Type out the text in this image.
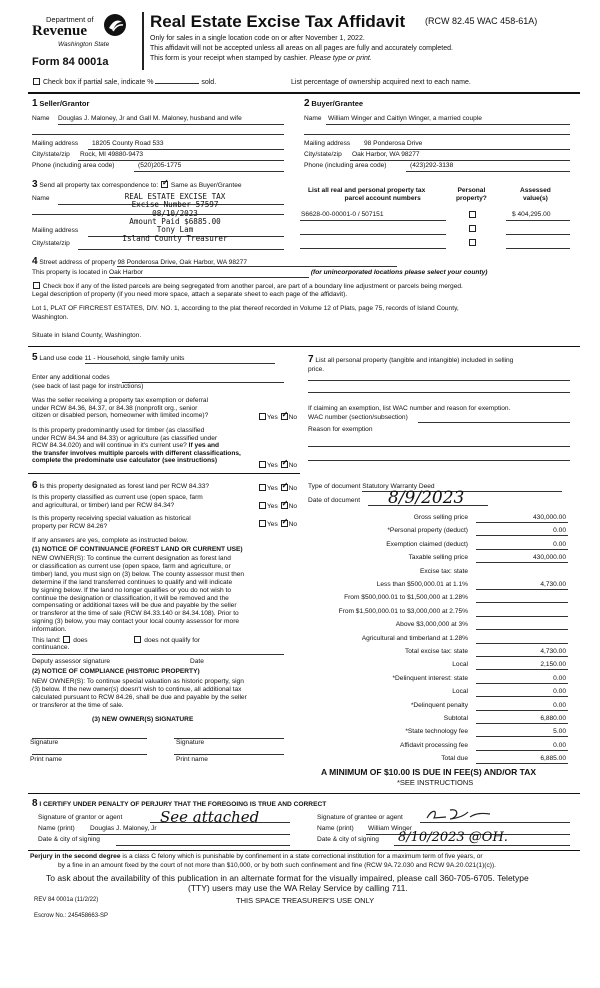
Department of
Revenue
Washington State
Form 84 0001a
Real Estate Excise Tax Affidavit (RCW 82.45 WAC 458-61A)
Only for sales in a single location code on or after November 1, 2022.
This affidavit will not be accepted unless all areas on all pages are fully and accurately completed.
This form is your receipt when stamped by cashier. Please type or print.
Check box if partial sale, indicate %	sold.	List percentage of ownership acquired next to each name.
1 Seller/Grantor
Name Douglas J. Maloney, Jr and Gall M. Maloney, husband and wife
Mailing address 18205 County Road 533
City/state/zip Rock, MI 49880-9473
Phone (including area code)	(520)205-1775
2 Buyer/Grantee
Name William Winger and Caitlyn Winger, a married couple
Mailing address 98 Ponderosa Drive
City/state/zip Oak Harbor, WA 98277
Phone (including area code)	(423)292-3138
3 Send all property tax correspondence to: ✓ Same as Buyer/Grantee
Name
Mailing address
City/state/zip
REAL ESTATE EXCISE TAX
Excise Number 57597
08/10/2023
Amount Paid $6885.00
Tony Lam
Island County Treasurer
List all real and personal property tax
parcel account numbers
Personal
property?
Assessed
value(s)
S6628-00-00001-0 / 507151	$ 404,295.00
4 Street address of property 98 Ponderosa Drive, Oak Harbor, WA 98277
This property is located in Oak Harbor	(for unincorporated locations please select your county)
Check box if any of the listed parcels are being segregated from another parcel, are part of a boundary line adjustment or parcels being merged.
Legal description of property (if you need more space, attach a separate sheet to each page of the affidavit).
Lot 1, PLAT OF FIRCREST ESTATES, DIV. NO. 1, according to the plat thereof recorded in Volume 12 of Plats, page 75, records of Island County,
Washington.
Situate in Island County, Washington.
5 Land use code 11 - Household, single family units
Enter any additional codes
(see back of last page for instructions)
Was the seller receiving a property tax exemption or deferral
under RCW 84.36, 84.37, or 84.38 (nonprofit org., senior
citizen or disabled person, homeowner with limited income)?	Yes ✓ No
Is this property predominantly used for timber (as classified
under RCW 84.34 and 84.33) or agriculture (as classified under
RCW 84.34.020) and will continue in it's current use? If yes and
the transfer involves multiple parcels with different classifications,
complete the predominate use calculator (see instructions)
Yes ✓ No
6 Is this property designated as forest land per RCW 84.33?	Yes ✓ No
Is this property classified as current use (open space, farm
and agricultural, or timber) land per RCW 84.34?	Yes ✓ No
Is this property receiving special valuation as historical
property per RCW 84.26?	Yes ✓ No
If any answers are yes, complete as instructed below.
(1) NOTICE OF CONTINUANCE (FOREST LAND OR CURRENT USE)
NEW OWNER(S): To continue the current designation as forest land
or classification as current use (open space, farm and agriculture, or
timber) land, you must sign on (3) below. The county assessor must then
determine if the land transferred continues to qualify and will indicate
by signing below. If the land no longer qualifies or you do not wish to
continue the designation or classification, it will be removed and the
compensating or additional taxes will be due and payable by the seller
or transferor at the time of sale (RCW 84.33.140 or 84.34.108). Prior to
signing (3) below, you may contact your local county assessor for more
information.
This land: does	does not qualify for
continuance.
Deputy assessor signature	Date
(2) NOTICE OF COMPLIANCE (HISTORIC PROPERTY)
NEW OWNER(S): To continue special valuation as historic property, sign
(3) below. If the new owner(s) doesn't wish to continue, all additional tax
calculated pursuant to RCW 84.26, shall be due and payable by the seller
or transferor at the time of sale.
(3) NEW OWNER(S) SIGNATURE
Signature	Signature
Print name	Print name
7 List all personal property (tangible and intangible) included in selling
price.
If claiming an exemption, list WAC number and reason for exemption.
WAC number (section/subsection)
Reason for exemption
Type of document Statutory Warranty Deed
Date of document 8/9/2023
Gross selling price	430,000.00
*Personal property (deduct)	0.00
Exemption claimed (deduct)	0.00
Taxable selling price	430,000.00
Excise tax: state
Less than $500,000.01 at 1.1%	4,730.00
From $500,000.01 to $1,500,000 at 1.28%
From $1,500,000.01 to $3,000,000 at 2.75%
Above $3,000,000 at 3%
Agricultural and timberland at 1.28%
Total excise tax: state	4,730.00
Local	2,150.00
*Delinquent interest: state	0.00
Local	0.00
*Delinquent penalty	0.00
Subtotal	6,880.00
*State technology fee	5.00
Affidavit processing fee	0.00
Total due	6,885.00
A MINIMUM OF $10.00 IS DUE IN FEE(S) AND/OR TAX
*SEE INSTRUCTIONS
8 I CERTIFY UNDER PENALTY OF PERJURY THAT THE FOREGOING IS TRUE AND CORRECT
Signature of grantor or agent	See attached
Name (print) Douglas J. Maloney, Jr
Date & city of signing
Signature of grantee or agent
Name (print) William Winger
Date & city of signing 8/10/2023 @OH.
Perjury in the second degree is a class C felony which is punishable by confinement in a state correctional institution for a maximum term of five years, or
by a fine in an amount fixed by the court of not more than $10,000, or by both such confinement and fine (RCW 9A.72.030 and RCW 9A.20.021(1)(c)).
To ask about the availability of this publication in an alternate format for the visually impaired, please call 360-705-6705. Teletype
(TTY) users may use the WA Relay Service by calling 711.
REV 84 0001a (11/2/22)	THIS SPACE TREASURER'S USE ONLY
Escrow No.: 245458663-SP
